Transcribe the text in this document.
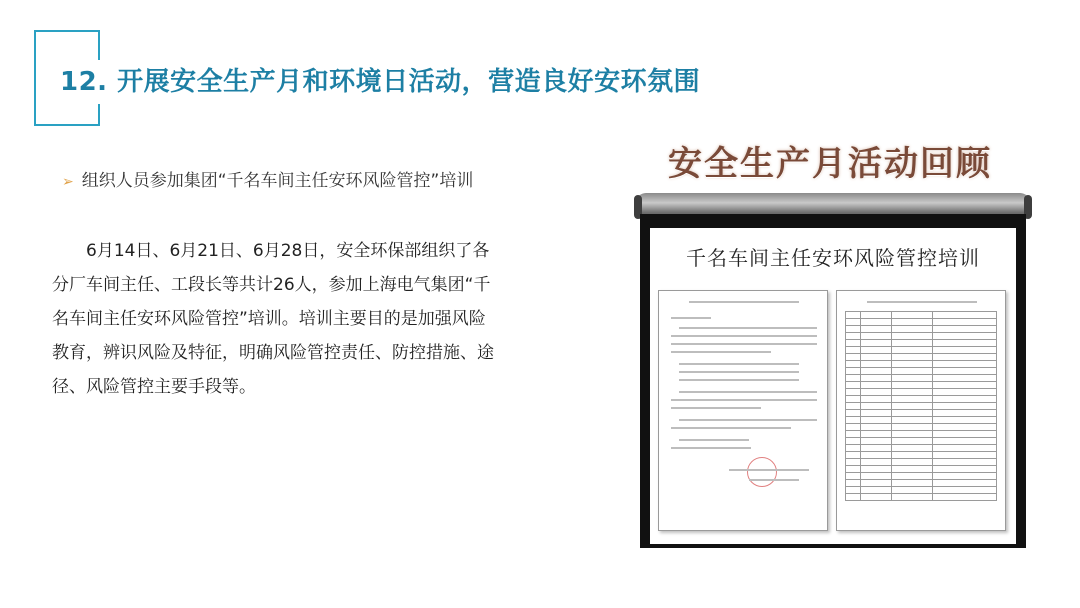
12. 开展安全生产月和环境日活动，营造良好安环氛围
➢ 组织人员参加集团“千名车间主任安环风险管控”培训

6月14日、6月21日、6月28日，安全环保部组织了各分厂车间主任、工段长等共计26人，参加上海电气集团“千名车间主任安环风险管控”培训。培训主要目的是加强风险教育，辨识风险及特征，明确风险管控责任、防控措施、途径、风险管控主要手段等。

安全生产月活动回顾
千名车间主任安环风险管控培训
